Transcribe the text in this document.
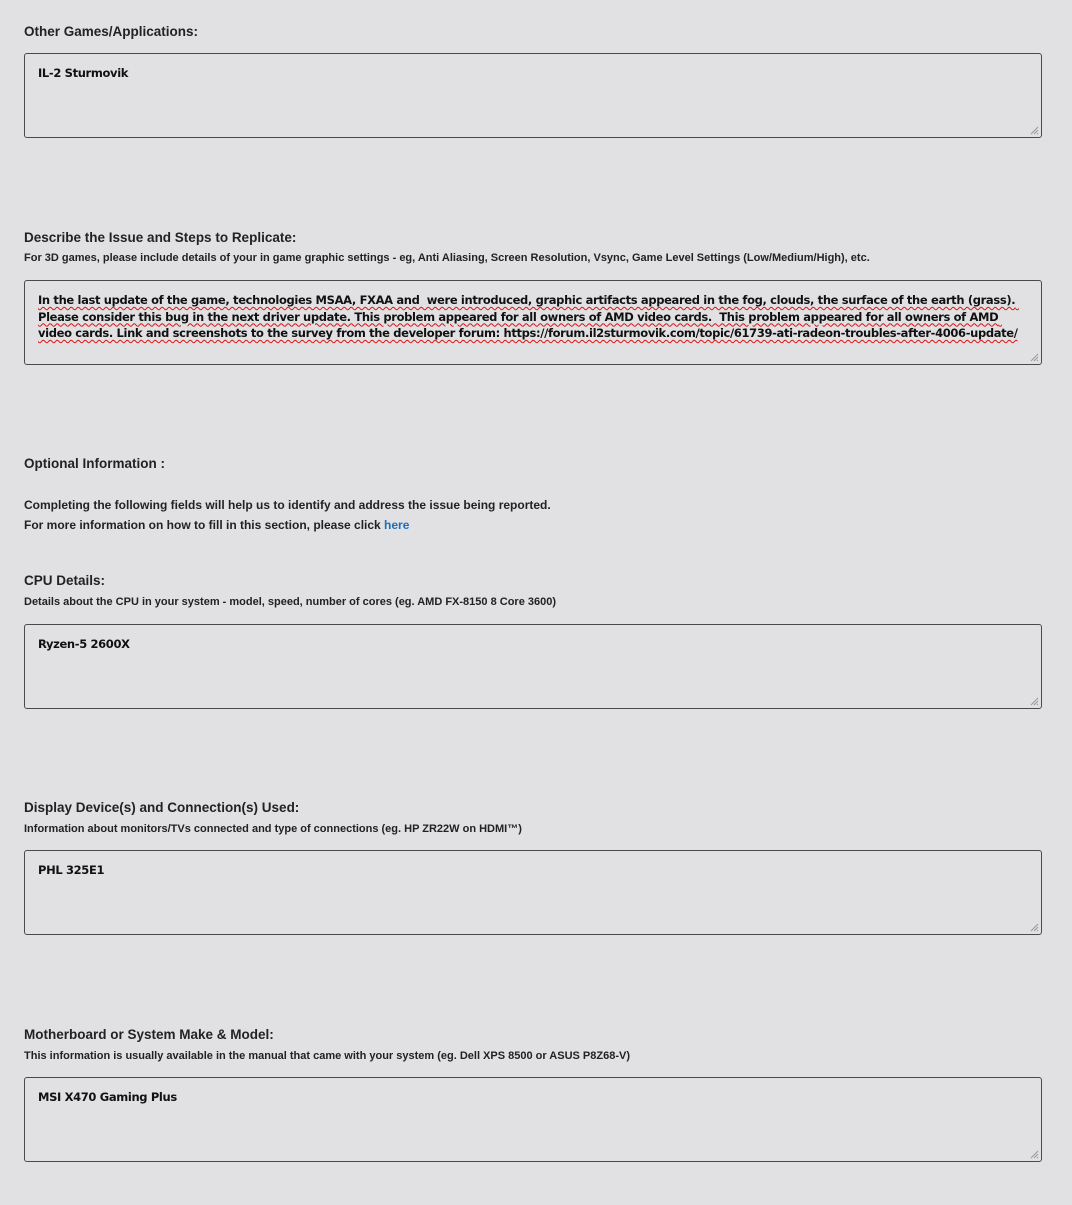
Other Games/Applications:
IL-2 Sturmovik
Describe the Issue and Steps to Replicate:
For 3D games, please include details of your in game graphic settings - eg, Anti Aliasing, Screen Resolution, Vsync, Game Level Settings (Low/Medium/High), etc.
In the last update of the game, technologies MSAA, FXAA and  were introduced, graphic artifacts appeared in the fog, clouds, the surface of the earth (grass). Please consider this bug in the next driver update. This problem appeared for all owners of AMD video cards.  This problem appeared for all owners of AMD video cards. Link and screenshots to the survey from the developer forum: https://forum.il2sturmovik.com/topic/61739-ati-radeon-troubles-after-4006-update/
Optional Information :
Completing the following fields will help us to identify and address the issue being reported.
For more information on how to fill in this section, please click here
CPU Details:
Details about the CPU in your system - model, speed, number of cores (eg. AMD FX-8150 8 Core 3600)
Ryzen-5 2600X
Display Device(s) and Connection(s) Used:
Information about monitors/TVs connected and type of connections (eg. HP ZR22W on HDMI™)
PHL 325E1
Motherboard or System Make & Model:
This information is usually available in the manual that came with your system (eg. Dell XPS 8500 or ASUS P8Z68-V)
MSI X470 Gaming Plus
